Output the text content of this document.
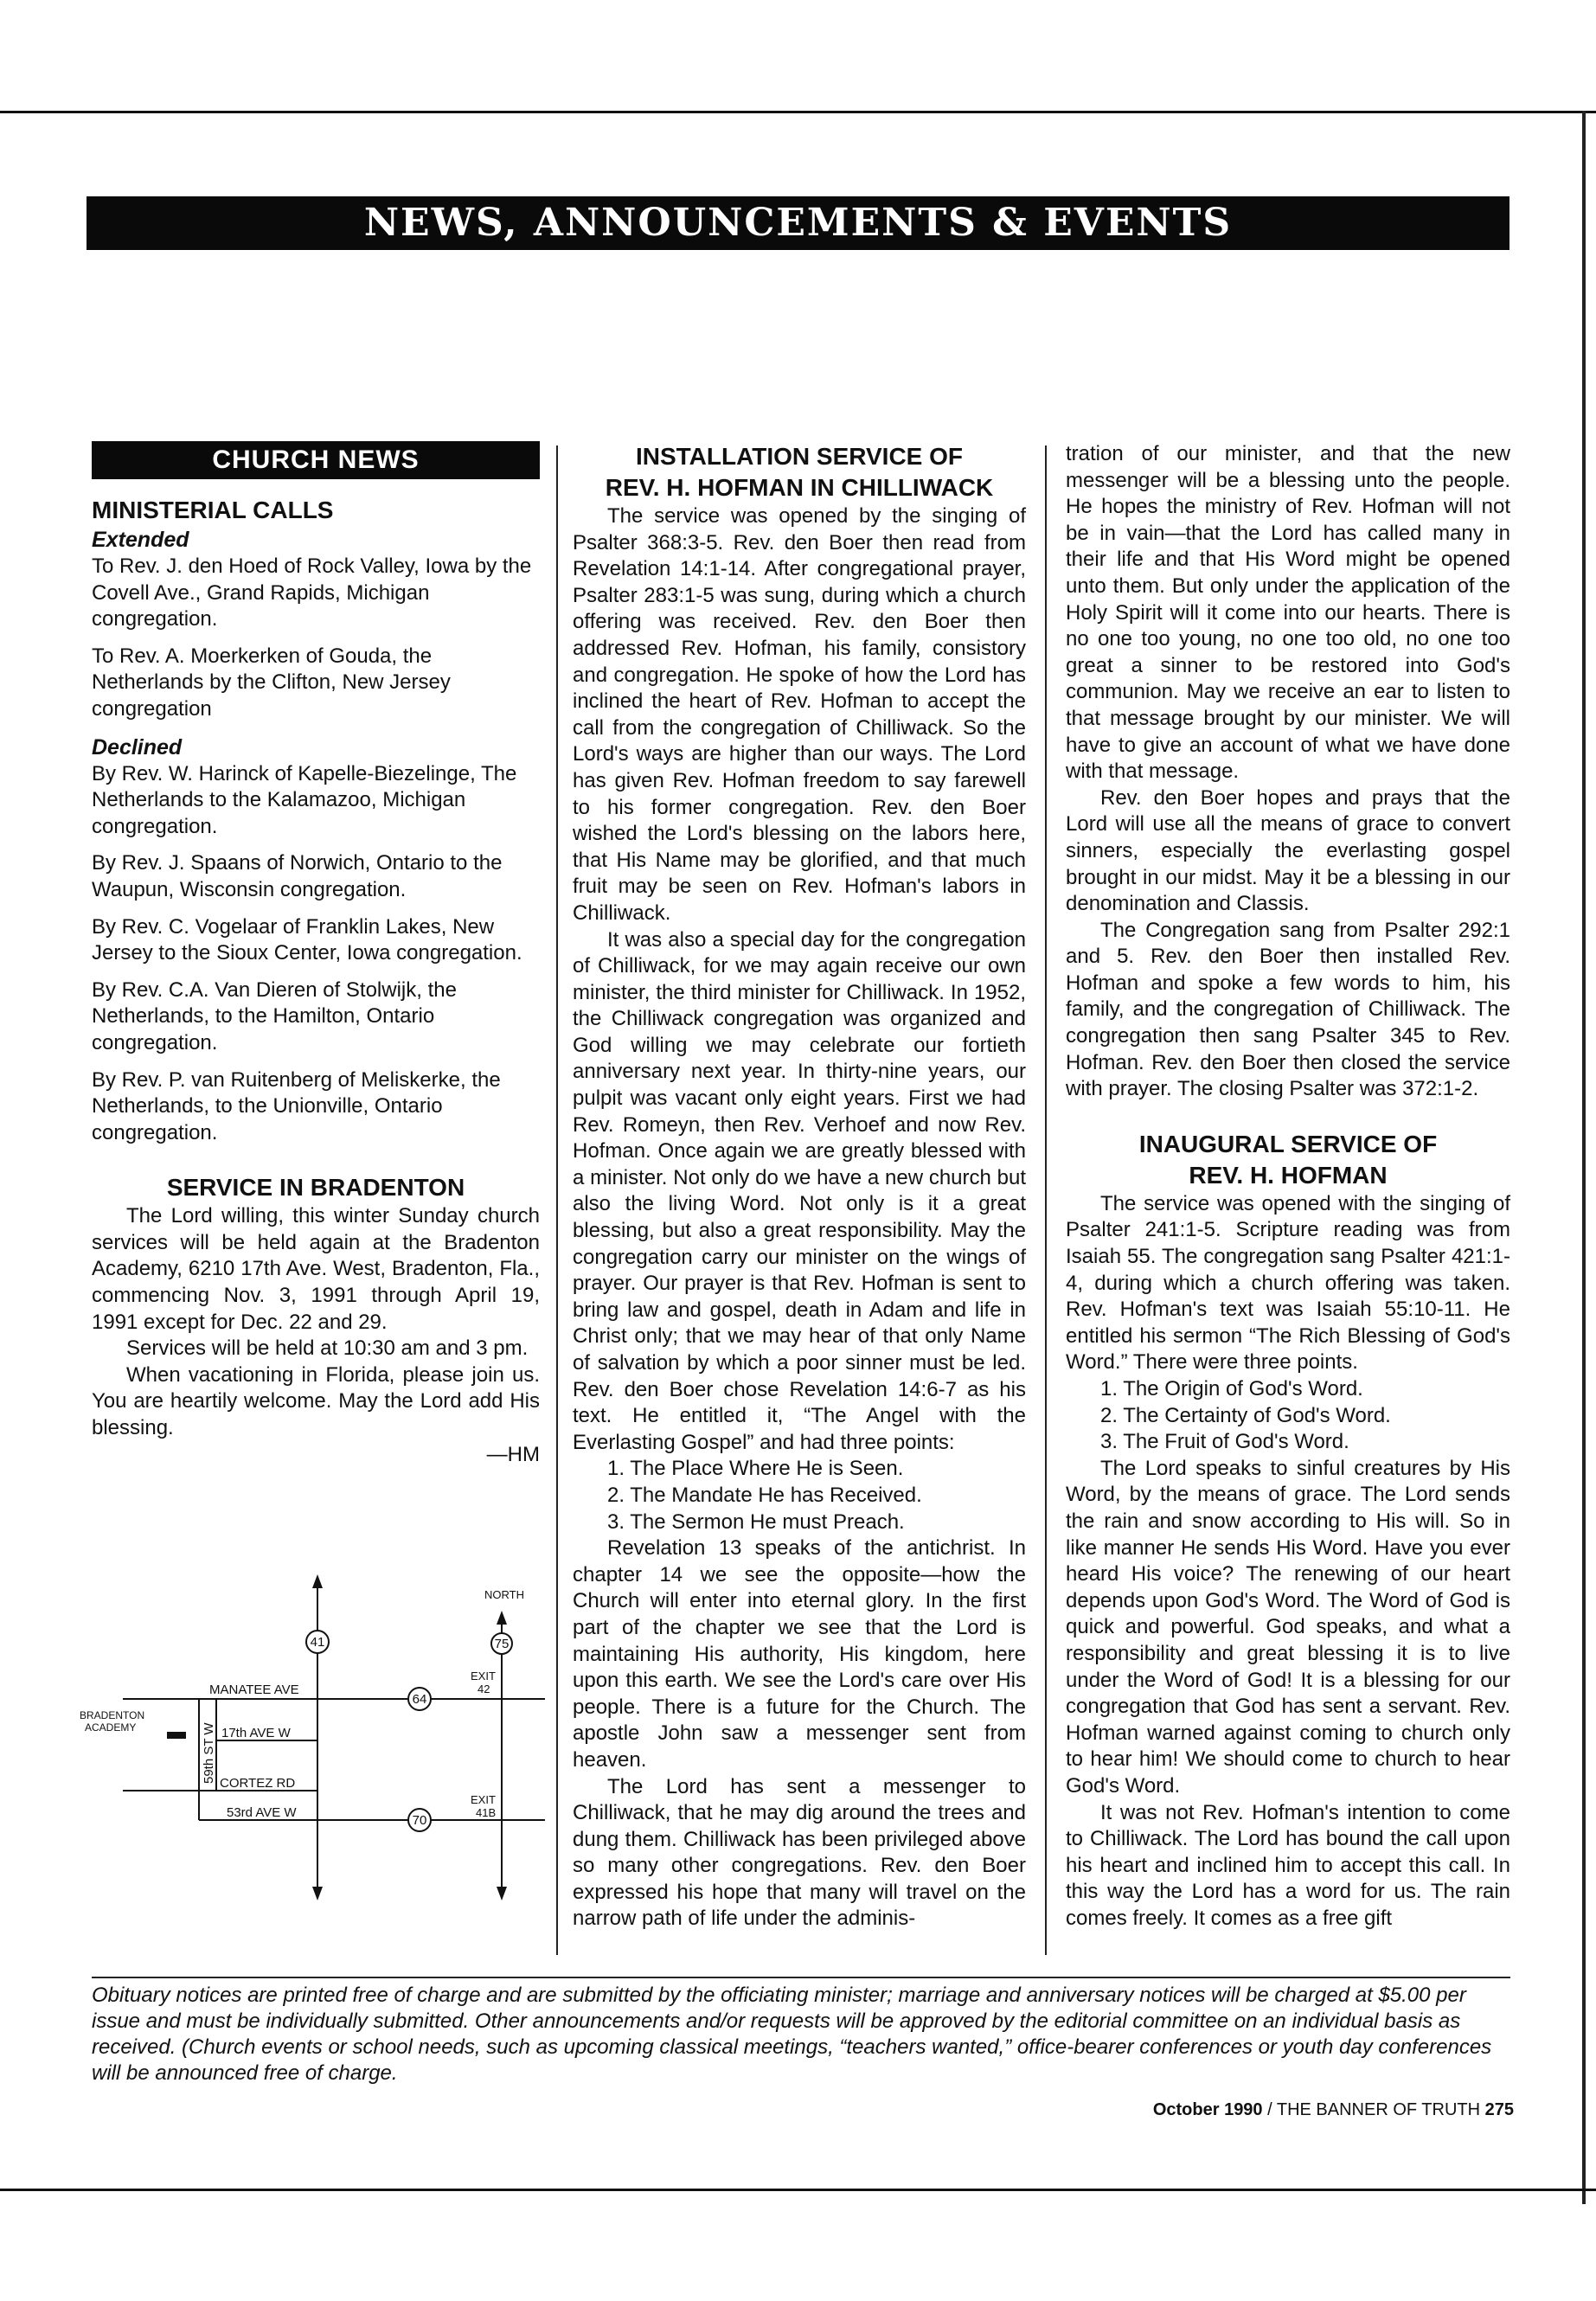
NEWS, ANNOUNCEMENTS & EVENTS
CHURCH NEWS
MINISTERIAL CALLS
Extended

To Rev. J. den Hoed of Rock Valley, Iowa by the Covell Ave., Grand Rapids, Michigan congregation.

To Rev. A. Moerkerken of Gouda, the Netherlands by the Clifton, New Jersey congregation

Declined

By Rev. W. Harinck of Kapelle-Biezelinge, The Netherlands to the Kalamazoo, Michigan congregation.

By Rev. J. Spaans of Norwich, Ontario to the Waupun, Wisconsin congregation.

By Rev. C. Vogelaar of Franklin Lakes, New Jersey to the Sioux Center, Iowa congregation.

By Rev. C.A. Van Dieren of Stolwijk, the Netherlands, to the Hamilton, Ontario congregation.

By Rev. P. van Ruitenberg of Meliskerke, the Netherlands, to the Unionville, Ontario congregation.

SERVICE IN BRADENTON

The Lord willing, this winter Sunday church services will be held again at the Bradenton Academy, 6210 17th Ave. West, Bradenton, Fla., commencing Nov. 3, 1991 through April 19, 1991 except for Dec. 22 and 29.

Services will be held at 10:30 am and 3 pm.

When vacationing in Florida, please join us. You are heartily welcome. May the Lord add His blessing.

—HM

41	75
64
70
NORTH
EXIT
42
EXIT
41B
MANATEE AVE
17th AVE W
CORTEZ RD
53rd AVE W
59th ST W
BRADENTON
ACADEMY
INSTALLATION SERVICE OF
REV. H. HOFMAN IN CHILLIWACK

The service was opened by the singing of Psalter 368:3-5. Rev. den Boer then read from Revelation 14:1-14. After congregational prayer, Psalter 283:1-5 was sung, during which a church offering was received. Rev. den Boer then addressed Rev. Hofman, his family, consistory and congregation. He spoke of how the Lord has inclined the heart of Rev. Hofman to accept the call from the congregation of Chilliwack. So the Lord's ways are higher than our ways. The Lord has given Rev. Hofman freedom to say farewell to his former congregation. Rev. den Boer wished the Lord's blessing on the labors here, that His Name may be glorified, and that much fruit may be seen on Rev. Hofman's labors in Chilliwack.

It was also a special day for the congregation of Chilliwack, for we may again receive our own minister, the third minister for Chilliwack. In 1952, the Chilliwack congregation was organized and God willing we may celebrate our fortieth anniversary next year. In thirty-nine years, our pulpit was vacant only eight years. First we had Rev. Romeyn, then Rev. Verhoef and now Rev. Hofman. Once again we are greatly blessed with a minister. Not only do we have a new church but also the living Word. Not only is it a great blessing, but also a great responsibility. May the congregation carry our minister on the wings of prayer. Our prayer is that Rev. Hofman is sent to bring law and gospel, death in Adam and life in Christ only; that we may hear of that only Name of salvation by which a poor sinner must be led. Rev. den Boer chose Revelation 14:6-7 as his text. He entitled it, “The Angel with the Everlasting Gospel” and had three points:

1. The Place Where He is Seen.

2. The Mandate He has Received.

3. The Sermon He must Preach.

Revelation 13 speaks of the antichrist. In chapter 14 we see the opposite—how the Church will enter into eternal glory. In the first part of the chapter we see that the Lord is maintaining His authority, His kingdom, here upon this earth. We see the Lord's care over His people. There is a future for the Church. The apostle John saw a messenger sent from heaven.

The Lord has sent a messenger to Chilliwack, that he may dig around the trees and dung them. Chilliwack has been privileged above so many other congregations. Rev. den Boer expressed his hope that many will travel on the narrow path of life under the adminis-

tration of our minister, and that the new messenger will be a blessing unto the people. He hopes the ministry of Rev. Hofman will not be in vain—that the Lord has called many in their life and that His Word might be opened unto them. But only under the application of the Holy Spirit will it come into our hearts. There is no one too young, no one too old, no one too great a sinner to be restored into God's communion. May we receive an ear to listen to that message brought by our minister. We will have to give an account of what we have done with that message.

Rev. den Boer hopes and prays that the Lord will use all the means of grace to convert sinners, especially the everlasting gospel brought in our midst. May it be a blessing in our denomination and Classis.

The Congregation sang from Psalter 292:1 and 5. Rev. den Boer then installed Rev. Hofman and spoke a few words to him, his family, and the congregation of Chilliwack. The congregation then sang Psalter 345 to Rev. Hofman. Rev. den Boer then closed the service with prayer. The closing Psalter was 372:1-2.

INAUGURAL SERVICE OF
REV. H. HOFMAN

The service was opened with the singing of Psalter 241:1-5. Scripture reading was from Isaiah 55. The congregation sang Psalter 421:1-4, during which a church offering was taken. Rev. Hofman's text was Isaiah 55:10-11. He entitled his sermon “The Rich Blessing of God's Word.” There were three points.

1. The Origin of God's Word.

2. The Certainty of God's Word.

3. The Fruit of God's Word.

The Lord speaks to sinful creatures by His Word, by the means of grace. The Lord sends the rain and snow according to His will. So in like manner He sends His Word. Have you ever heard His voice? The renewing of our heart depends upon God's Word. The Word of God is quick and powerful. God speaks, and what a responsibility and great blessing it is to live under the Word of God! It is a blessing for our congregation that God has sent a servant. Rev. Hofman warned against coming to church only to hear him! We should come to church to hear God's Word.

It was not Rev. Hofman's intention to come to Chilliwack. The Lord has bound the call upon his heart and inclined him to accept this call. In this way the Lord has a word for us. The rain comes freely. It comes as a free gift

Obituary notices are printed free of charge and are submitted by the officiating minister; marriage and anniversary notices will be charged at $5.00 per issue and must be individually submitted. Other announcements and/or requests will be approved by the editorial committee on an individual basis as received. (Church events or school needs, such as upcoming classical meetings, “teachers wanted,” office-bearer conferences or youth day conferences will be announced free of charge.
October 1990 / THE BANNER OF TRUTH 275
